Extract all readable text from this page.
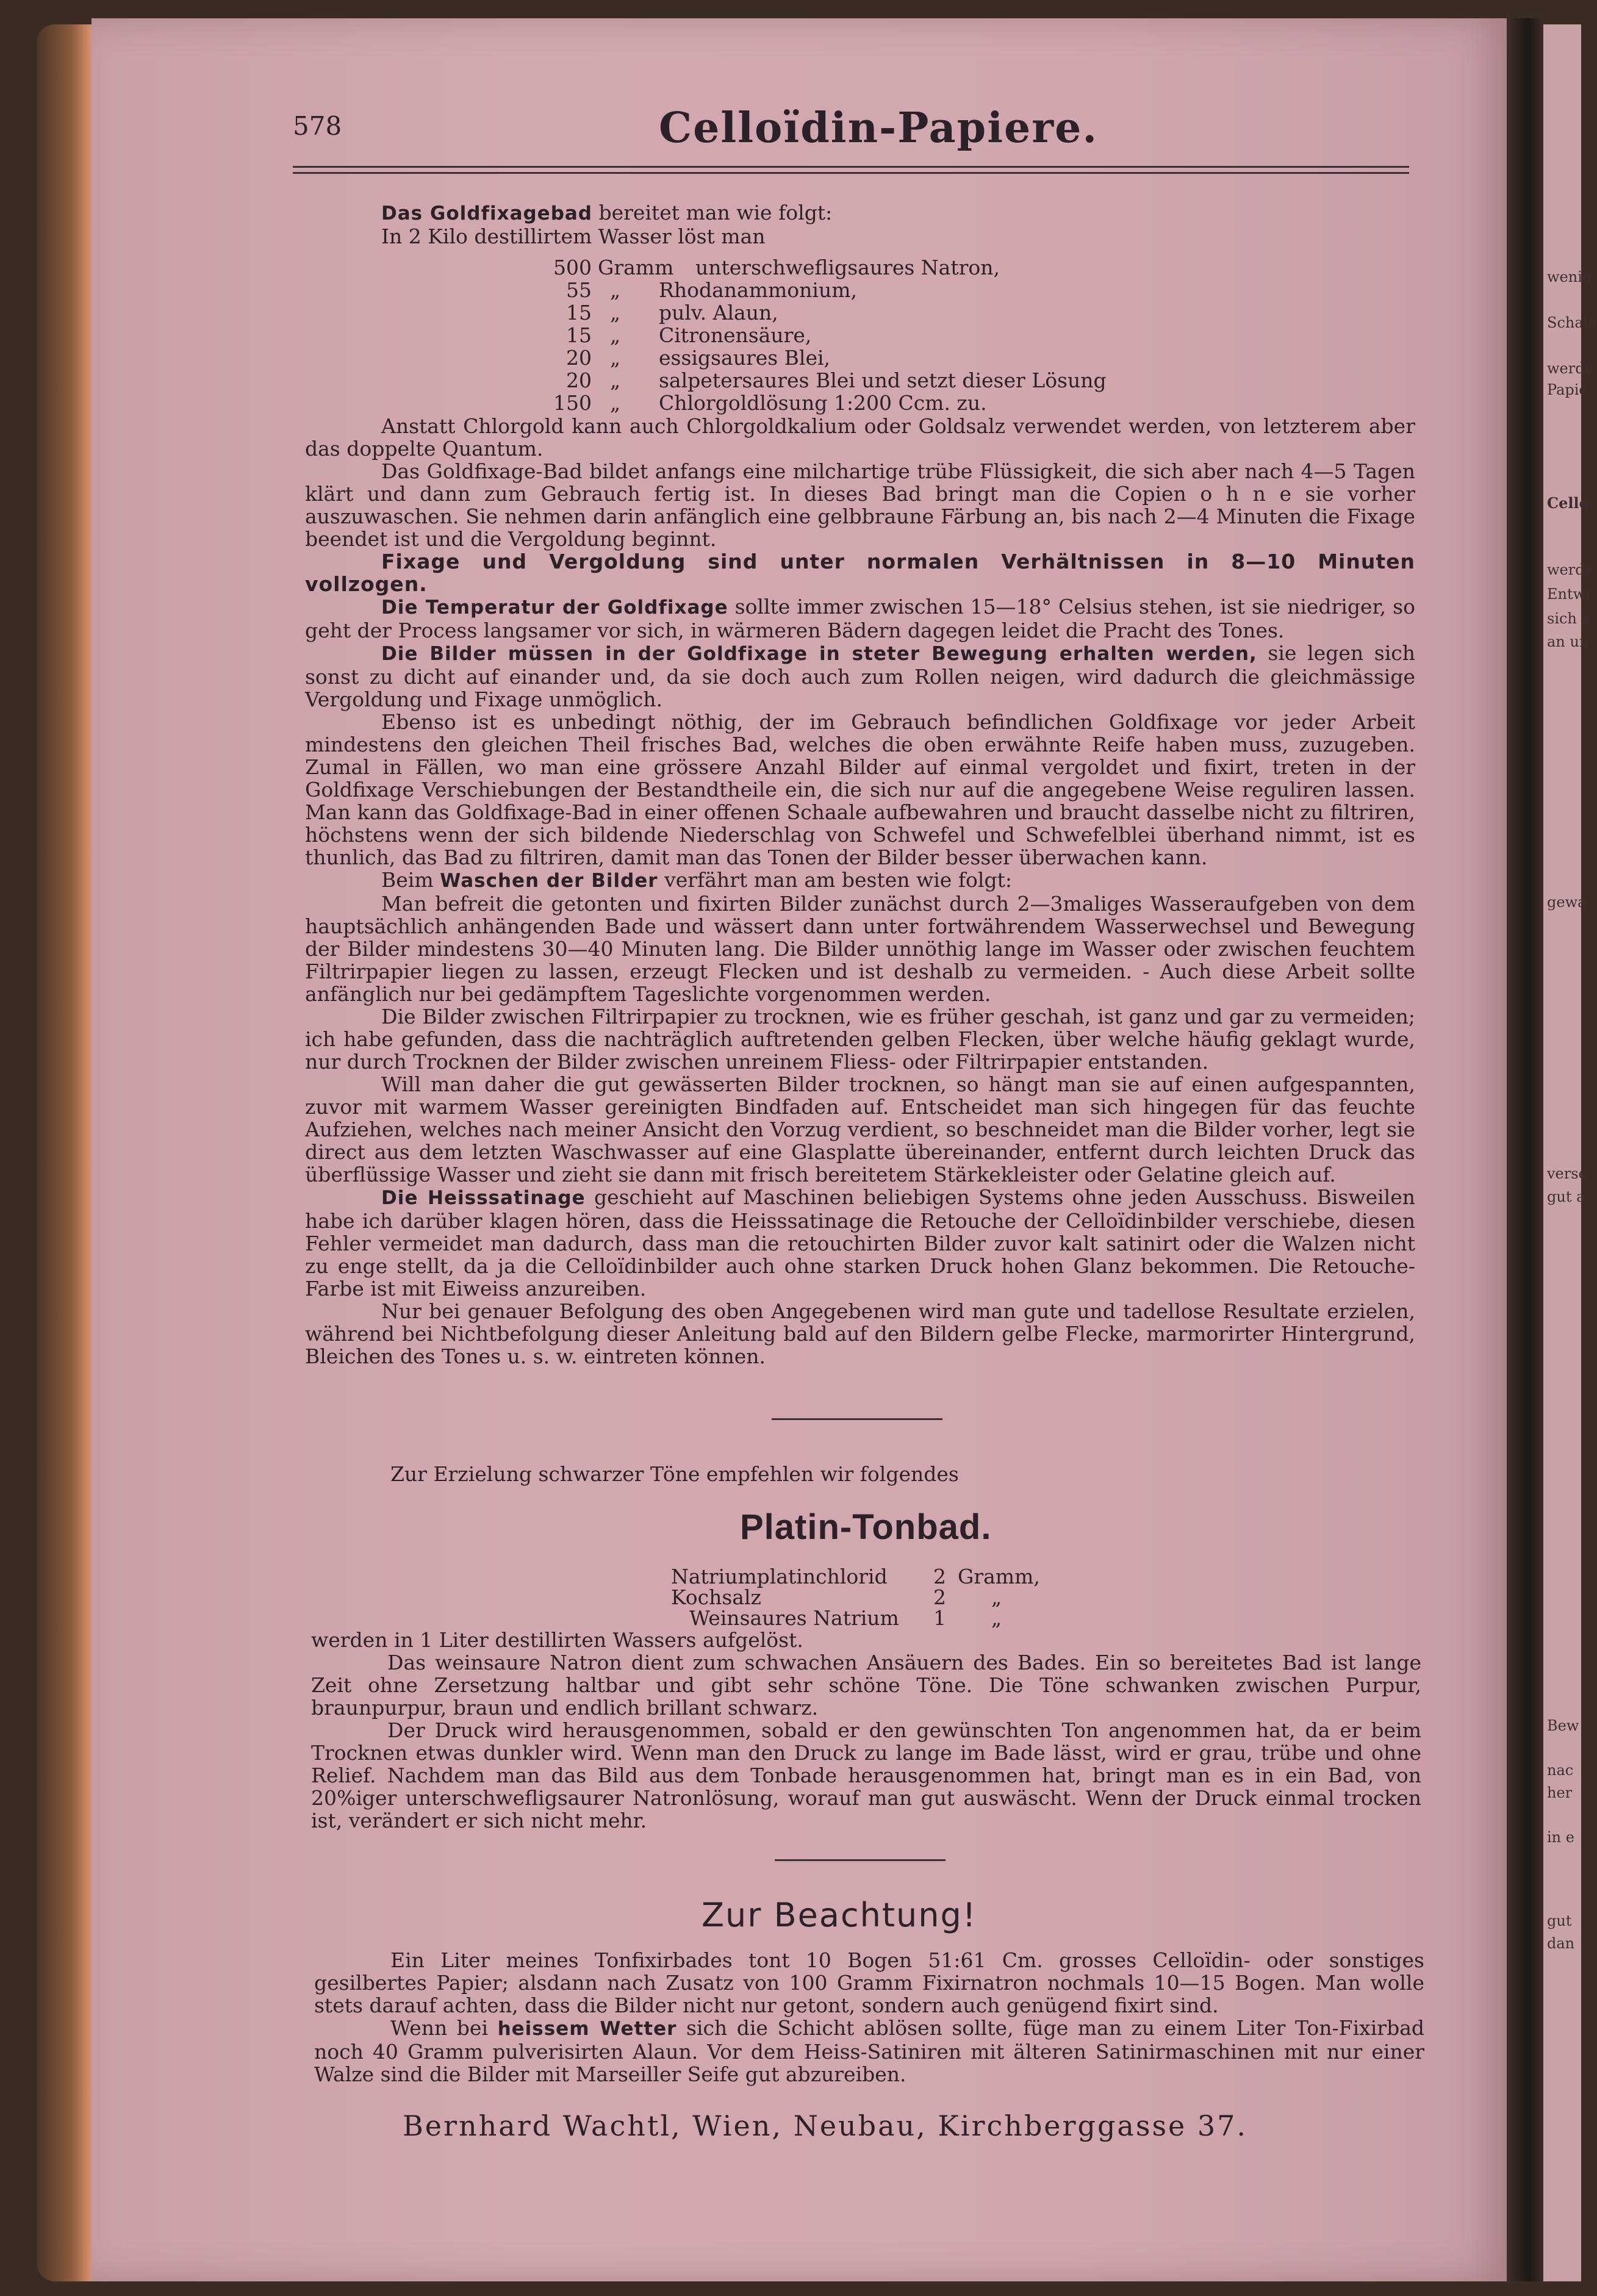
wenig
Schale
werde
Papie
Cello
werde
Entwi
sich a
an un
gewa
verse
gut a
Bew
nac
her
in e
gut
dan
578	Celloïdin-Papiere.

Das Goldfixagebad bereitet man wie folgt:

In 2 Kilo destillirtem Wasser löst man

500 Gramm unterschwefligsaures Natron,
55 „ Rhodanammonium,
15 „ pulv. Alaun,
15 „ Citronensäure,
20 „ essigsaures Blei,
20 „ salpetersaures Blei und setzt dieser Lösung
150 „ Chlorgoldlösung 1:200 Ccm. zu.

Anstatt Chlorgold kann auch Chlorgoldkalium oder Goldsalz verwendet werden, von letzterem aber das doppelte Quantum.

Das Goldfixage-Bad bildet anfangs eine milchartige trübe Flüssigkeit, die sich aber nach 4—5 Tagen klärt und dann zum Gebrauch fertig ist. In dieses Bad bringt man die Copien o h n e sie vorher auszuwaschen. Sie nehmen darin anfänglich eine gelbbraune Färbung an, bis nach 2—4 Minuten die Fixage beendet ist und die Vergoldung beginnt.

Fixage und Vergoldung sind unter normalen Verhältnissen in 8—10 Minuten vollzogen.

Die Temperatur der Goldfixage sollte immer zwischen 15—18° Celsius stehen, ist sie niedriger, so geht der Process langsamer vor sich, in wärmeren Bädern dagegen leidet die Pracht des Tones.

Die Bilder müssen in der Goldfixage in steter Bewegung erhalten werden, sie legen sich sonst zu dicht auf einander und, da sie doch auch zum Rollen neigen, wird dadurch die gleichmässige Vergoldung und Fixage unmöglich.

Ebenso ist es unbedingt nöthig, der im Gebrauch befindlichen Goldfixage vor jeder Arbeit mindestens den gleichen Theil frisches Bad, welches die oben erwähnte Reife haben muss, zuzugeben. Zumal in Fällen, wo man eine grössere Anzahl Bilder auf einmal vergoldet und fixirt, treten in der Goldfixage Verschiebungen der Bestandtheile ein, die sich nur auf die angegebene Weise reguliren lassen. Man kann das Goldfixage-Bad in einer offenen Schaale aufbewahren und braucht dasselbe nicht zu filtriren, höchstens wenn der sich bildende Niederschlag von Schwefel und Schwefelblei überhand nimmt, ist es thunlich, das Bad zu filtriren, damit man das Tonen der Bilder besser überwachen kann.

Beim Waschen der Bilder verfährt man am besten wie folgt:

Man befreit die getonten und fixirten Bilder zunächst durch 2—3maliges Wasseraufgeben von dem hauptsächlich anhängenden Bade und wässert dann unter fortwährendem Wasserwechsel und Bewegung der Bilder mindestens 30—40 Minuten lang. Die Bilder unnöthig lange im Wasser oder zwischen feuchtem Filtrirpapier liegen zu lassen, erzeugt Flecken und ist deshalb zu vermeiden. - Auch diese Arbeit sollte anfänglich nur bei gedämpftem Tageslichte vorgenommen werden.

Die Bilder zwischen Filtrirpapier zu trocknen, wie es früher geschah, ist ganz und gar zu vermeiden; ich habe gefunden, dass die nachträglich auftretenden gelben Flecken, über welche häufig geklagt wurde, nur durch Trocknen der Bilder zwischen unreinem Fliess- oder Filtrirpapier entstanden.

Will man daher die gut gewässerten Bilder trocknen, so hängt man sie auf einen aufgespannten, zuvor mit warmem Wasser gereinigten Bindfaden auf. Entscheidet man sich hingegen für das feuchte Aufziehen, welches nach meiner Ansicht den Vorzug verdient, so beschneidet man die Bilder vorher, legt sie direct aus dem letzten Waschwasser auf eine Glasplatte übereinander, entfernt durch leichten Druck das überflüssige Wasser und zieht sie dann mit frisch bereitetem Stärkekleister oder Gelatine gleich auf.

Die Heisssatinage geschieht auf Maschinen beliebigen Systems ohne jeden Ausschuss. Bisweilen habe ich darüber klagen hören, dass die Heisssatinage die Retouche der Celloïdinbilder verschiebe, diesen Fehler vermeidet man dadurch, dass man die retouchirten Bilder zuvor kalt satinirt oder die Walzen nicht zu enge stellt, da ja die Celloïdinbilder auch ohne starken Druck hohen Glanz bekommen. Die Retouche-Farbe ist mit Eiweiss anzureiben.

Nur bei genauer Befolgung des oben Angegebenen wird man gute und tadellose Resultate erzielen, während bei Nichtbefolgung dieser Anleitung bald auf den Bildern gelbe Flecke, marmorirter Hintergrund, Bleichen des Tones u. s. w. eintreten können.

Zur Erzielung schwarzer Töne empfehlen wir folgendes
Platin-Tonbad.
Natriumplatinchlorid 2 Gramm,
Kochsalz	2 „
Weinsaures Natrium 1 „

werden in 1 Liter destillirten Wassers aufgelöst.

Das weinsaure Natron dient zum schwachen Ansäuern des Bades. Ein so bereitetes Bad ist lange Zeit ohne Zersetzung haltbar und gibt sehr schöne Töne. Die Töne schwanken zwischen Purpur, braunpurpur, braun und endlich brillant schwarz.

Der Druck wird herausgenommen, sobald er den gewünschten Ton angenommen hat, da er beim Trocknen etwas dunkler wird. Wenn man den Druck zu lange im Bade lässt, wird er grau, trübe und ohne Relief. Nachdem man das Bild aus dem Tonbade herausgenommen hat, bringt man es in ein Bad, von 20%iger unterschwefligsaurer Natronlösung, worauf man gut auswäscht. Wenn der Druck einmal trocken ist, verändert er sich nicht mehr.

Zur Beachtung!

Ein Liter meines Tonfixirbades tont 10 Bogen 51:61 Cm. grosses Celloïdin- oder sonstiges gesilbertes Papier; alsdann nach Zusatz von 100 Gramm Fixirnatron nochmals 10—15 Bogen. Man wolle stets darauf achten, dass die Bilder nicht nur getont, sondern auch genügend fixirt sind.

Wenn bei heissem Wetter sich die Schicht ablösen sollte, füge man zu einem Liter Ton-Fixirbad noch 40 Gramm pulverisirten Alaun. Vor dem Heiss-Satiniren mit älteren Satinirmaschinen mit nur einer Walze sind die Bilder mit Marseiller Seife gut abzureiben.

Bernhard Wachtl, Wien, Neubau, Kirchberggasse 37.
